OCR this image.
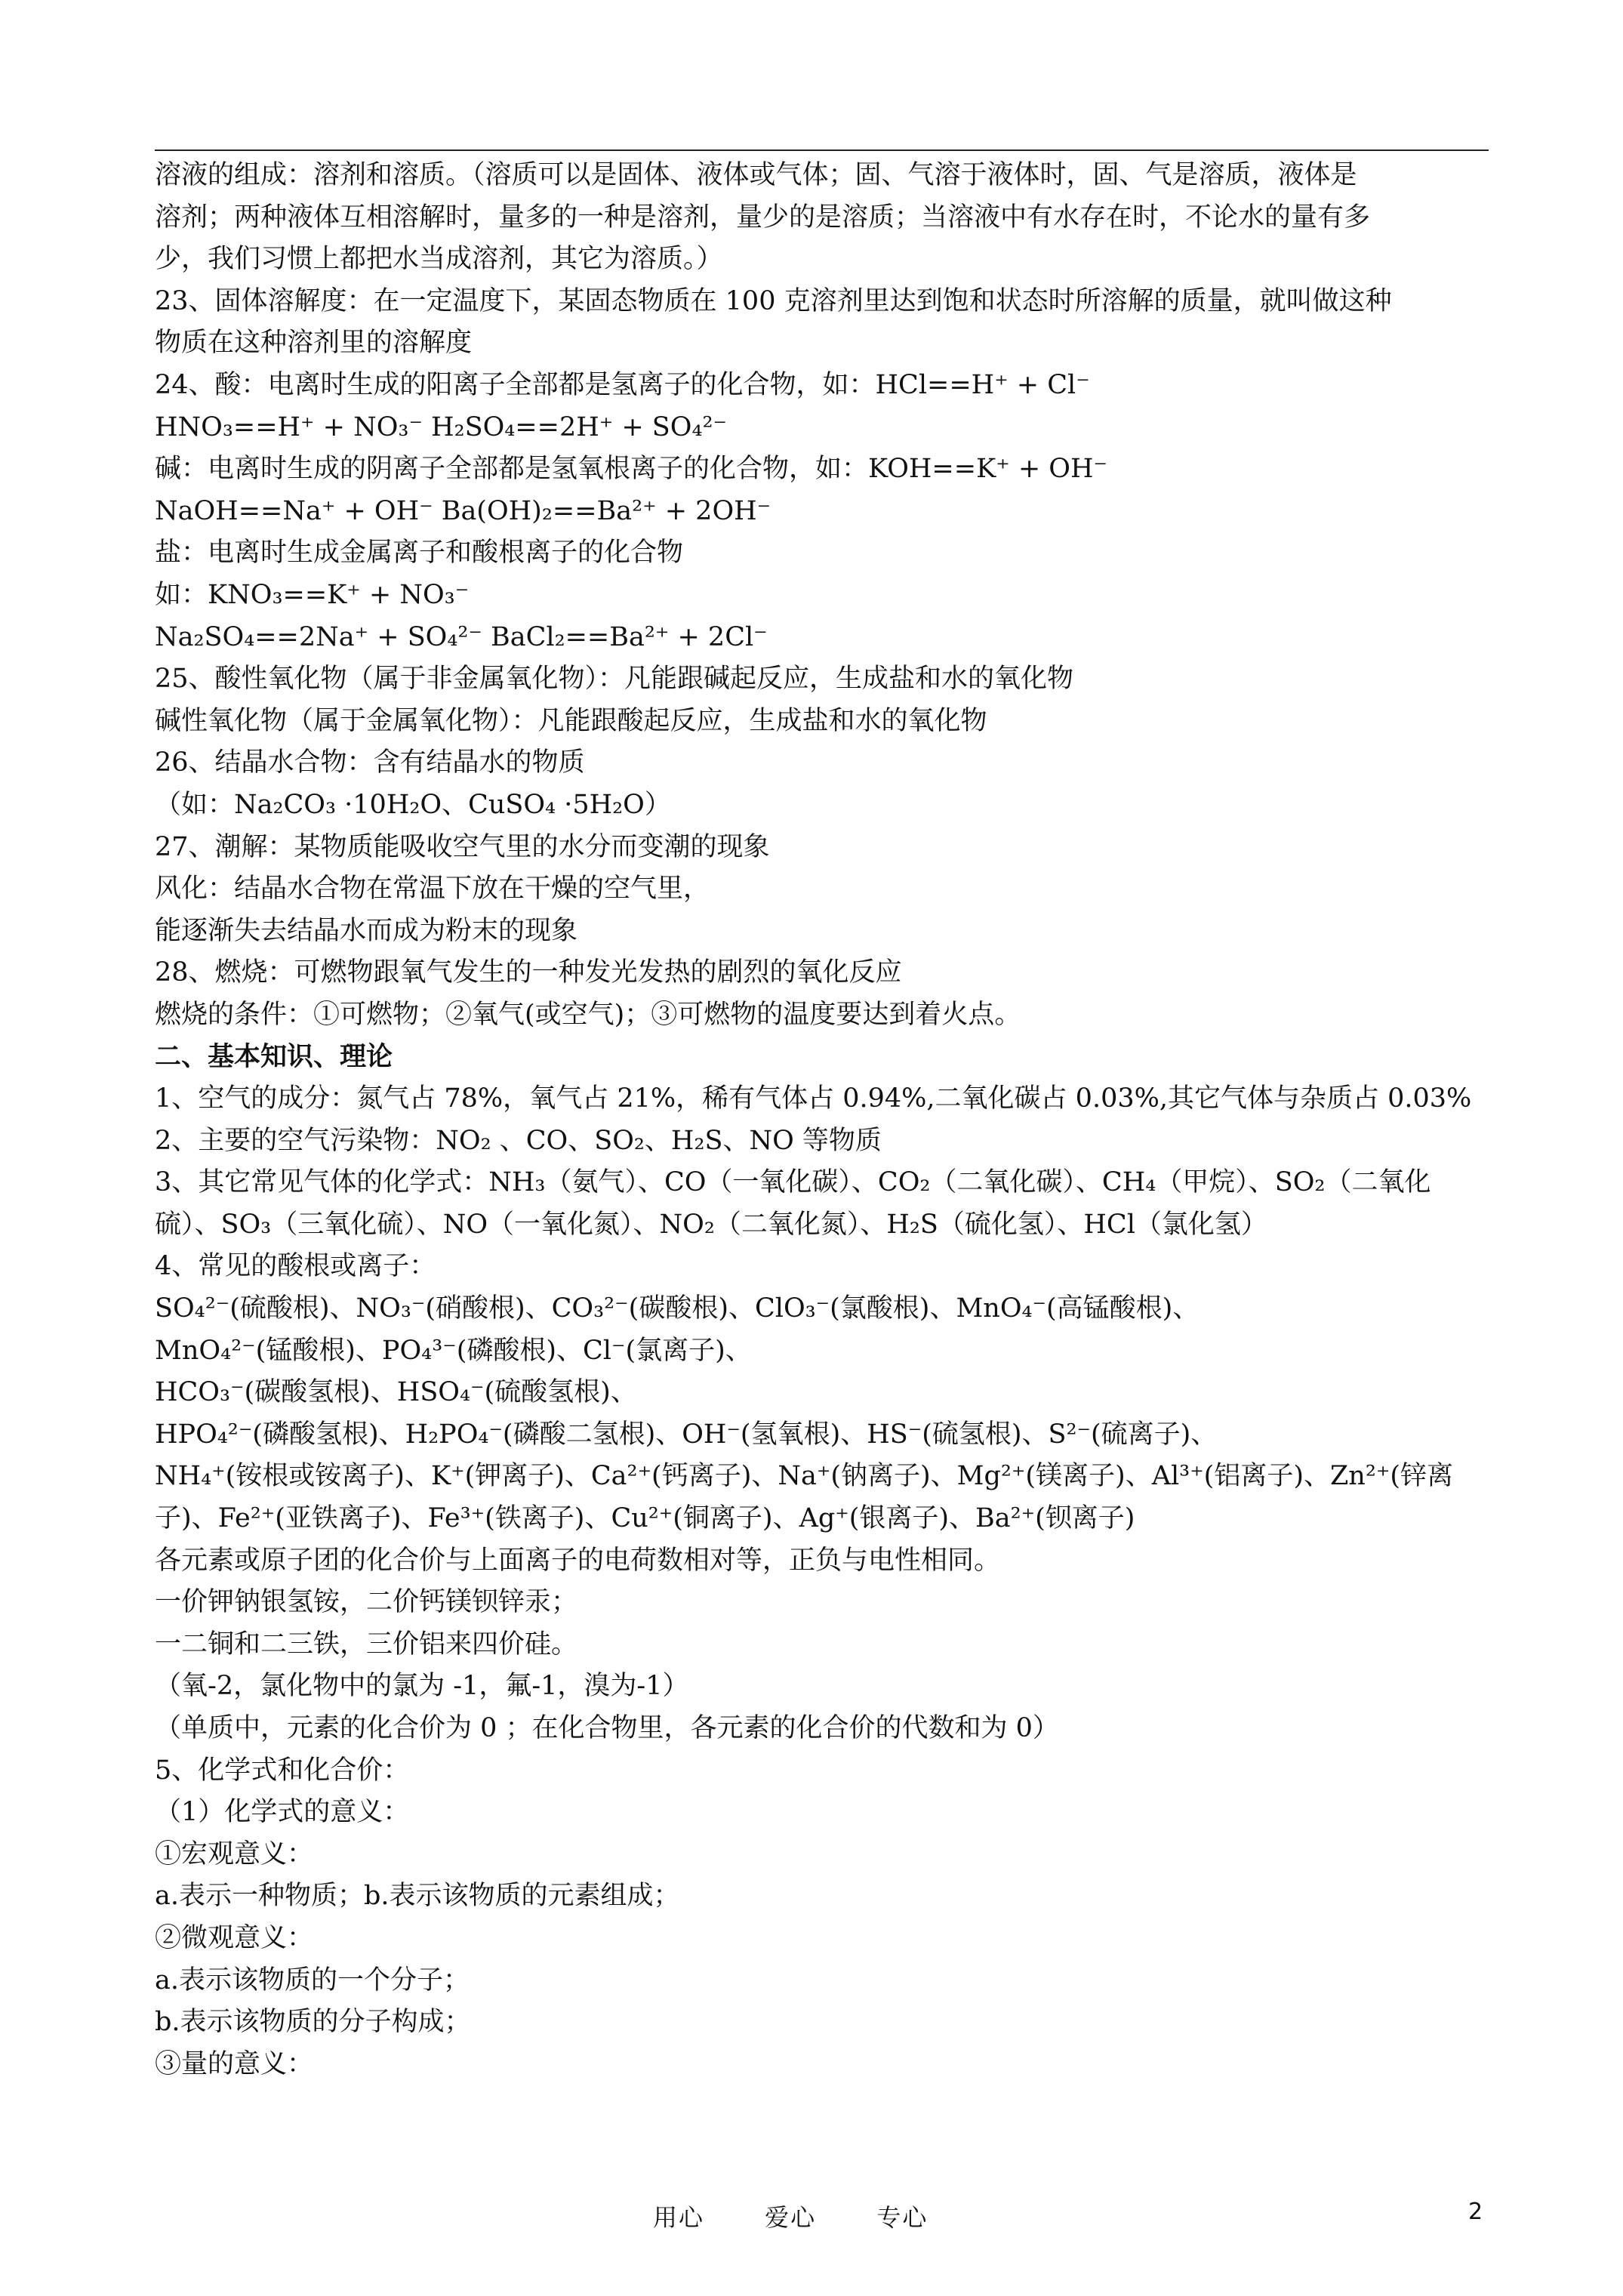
溶液的组成：溶剂和溶质。（溶质可以是固体、液体或气体；固、气溶于液体时，固、气是溶质，液体是
溶剂；两种液体互相溶解时，量多的一种是溶剂，量少的是溶质；当溶液中有水存在时，不论水的量有多
少，我们习惯上都把水当成溶剂，其它为溶质。）
23、固体溶解度：在一定温度下，某固态物质在 100 克溶剂里达到饱和状态时所溶解的质量，就叫做这种
物质在这种溶剂里的溶解度
24、酸：电离时生成的阳离子全部都是氢离子的化合物，如：HCl==H⁺ + Cl⁻
HNO₃==H⁺ + NO₃⁻ H₂SO₄==2H⁺ + SO₄²⁻
碱：电离时生成的阴离子全部都是氢氧根离子的化合物，如：KOH==K⁺ + OH⁻
NaOH==Na⁺ + OH⁻ Ba(OH)₂==Ba²⁺ + 2OH⁻
盐：电离时生成金属离子和酸根离子的化合物
如：KNO₃==K⁺ + NO₃⁻
Na₂SO₄==2Na⁺ + SO₄²⁻ BaCl₂==Ba²⁺ + 2Cl⁻
25、酸性氧化物（属于非金属氧化物）：凡能跟碱起反应，生成盐和水的氧化物
碱性氧化物（属于金属氧化物）：凡能跟酸起反应，生成盐和水的氧化物
26、结晶水合物：含有结晶水的物质
（如：Na₂CO₃ ·10H₂O、CuSO₄ ·5H₂O）
27、潮解：某物质能吸收空气里的水分而变潮的现象
风化：结晶水合物在常温下放在干燥的空气里，
能逐渐失去结晶水而成为粉末的现象
28、燃烧：可燃物跟氧气发生的一种发光发热的剧烈的氧化反应
燃烧的条件：①可燃物；②氧气(或空气)；③可燃物的温度要达到着火点。
二、基本知识、理论
1、空气的成分：氮气占 78%，氧气占 21%，稀有气体占 0.94%,二氧化碳占 0.03%,其它气体与杂质占 0.03%
2、主要的空气污染物：NO₂ 、CO、SO₂、H₂S、NO 等物质
3、其它常见气体的化学式：NH₃（氨气）、CO（一氧化碳）、CO₂（二氧化碳）、CH₄（甲烷）、SO₂（二氧化
硫）、SO₃（三氧化硫）、NO（一氧化氮）、NO₂（二氧化氮）、H₂S（硫化氢）、HCl（氯化氢）
4、常见的酸根或离子：
SO₄²⁻(硫酸根)、NO₃⁻(硝酸根)、CO₃²⁻(碳酸根)、ClO₃⁻(氯酸根)、MnO₄⁻(高锰酸根)、
MnO₄²⁻(锰酸根)、PO₄³⁻(磷酸根)、Cl⁻(氯离子)、
HCO₃⁻(碳酸氢根)、HSO₄⁻(硫酸氢根)、
HPO₄²⁻(磷酸氢根)、H₂PO₄⁻(磷酸二氢根)、OH⁻(氢氧根)、HS⁻(硫氢根)、S²⁻(硫离子)、
NH₄⁺(铵根或铵离子)、K⁺(钾离子)、Ca²⁺(钙离子)、Na⁺(钠离子)、Mg²⁺(镁离子)、Al³⁺(铝离子)、Zn²⁺(锌离
子)、Fe²⁺(亚铁离子)、Fe³⁺(铁离子)、Cu²⁺(铜离子)、Ag⁺(银离子)、Ba²⁺(钡离子)
各元素或原子团的化合价与上面离子的电荷数相对等，正负与电性相同。
一价钾钠银氢铵，二价钙镁钡锌汞；
一二铜和二三铁，三价铝来四价硅。
（氧-2，氯化物中的氯为 -1，氟-1，溴为-1）
（单质中，元素的化合价为 0 ；在化合物里，各元素的化合价的代数和为 0）
5、化学式和化合价：
（1）化学式的意义：
①宏观意义：
a.表示一种物质；b.表示该物质的元素组成；
②微观意义：
a.表示该物质的一个分子；
b.表示该物质的分子构成；
③量的意义：
用心　　 爱心　　 专心	2
